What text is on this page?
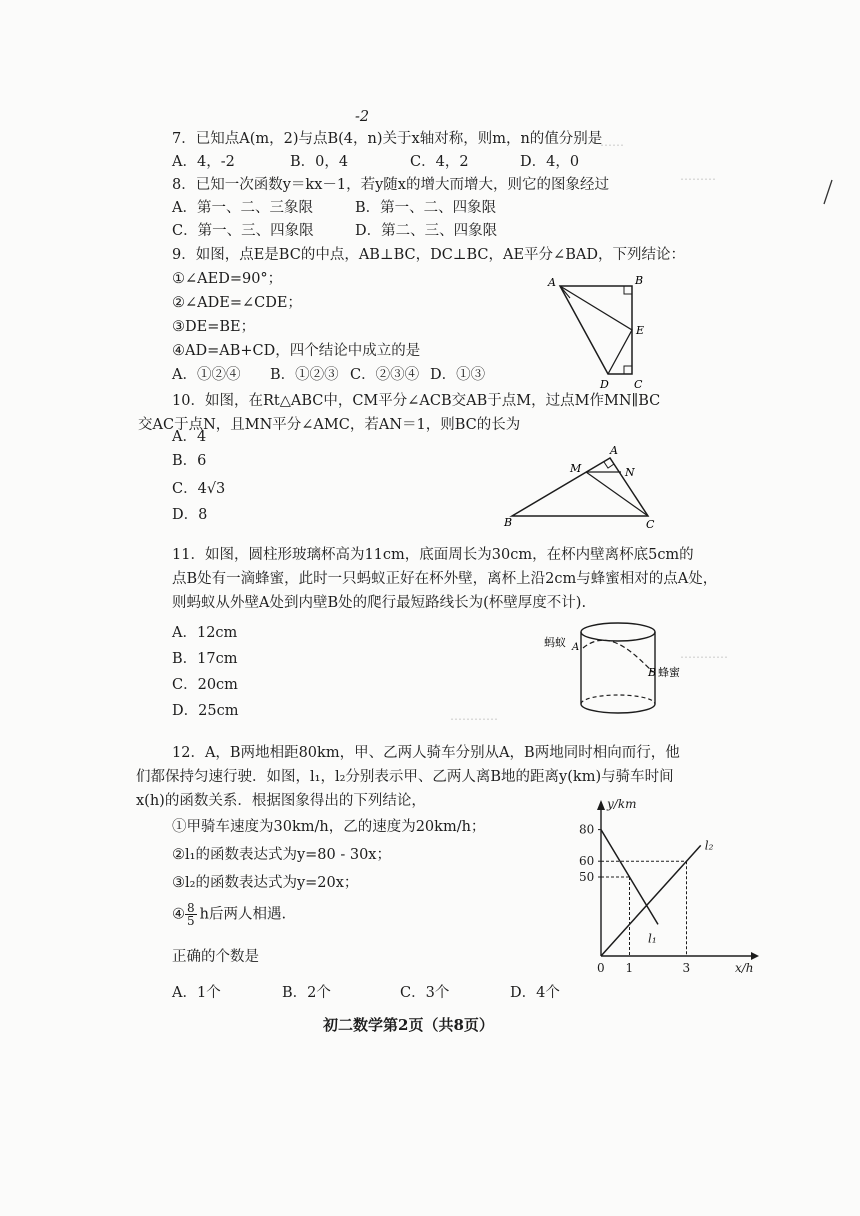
⋯⋯
⋯⋯⋯
⋯⋯⋯⋯
⋯⋯⋯⋯
-2
7．已知点A(m，2)与点B(4，n)关于x轴对称，则m，n的值分别是
A．4，-2	B．0，4	C．4，2	D．4，0
8．已知一次函数y＝kx－1，若y随x的增大而增大，则它的图象经过
A．第一、二、三象限	B．第一、二、四象限
C．第一、三、四象限	D．第二、三、四象限
9．如图，点E是BC的中点，AB⊥BC，DC⊥BC，AE平分∠BAD，下列结论：
①∠AED=90°；
②∠ADE=∠CDE；
③DE=BE；
④AD=AB+CD，四个结论中成立的是
A．①②④ B．①②③ C．②③④ D．①③
A	B
E
D C
10．如图，在Rt△ABC中，CM平分∠ACB交AB于点M，过点M作MN∥BC
交AC于点N，且MN平分∠AMC，若AN＝1，则BC的长为
A．4
B．6
C．4√3
D．8
A
M	N
B	C
11．如图，圆柱形玻璃杯高为11cm，底面周长为30cm，在杯内壁离杯底5cm的
点B处有一滴蜂蜜，此时一只蚂蚁正好在杯外壁，离杯上沿2cm与蜂蜜相对的点A处，
则蚂蚁从外壁A处到内壁B处的爬行最短路线长为(杯壁厚度不计).
A．12cm
B．17cm
C．20cm
D．25cm
蚂蚁 A
B 蜂蜜
12．A，B两地相距80km，甲、乙两人骑车分别从A，B两地同时相向而行，他
们都保持匀速行驶．如图，l₁，l₂分别表示甲、乙两人离B地的距离y(km)与骑车时间
x(h)的函数关系．根据图象得出的下列结论，
①甲骑车速度为30km/h，乙的速度为20km/h；
②l₁的函数表达式为y=80 - 30x；
③l₂的函数表达式为y=20x；
④ $\frac{8}{5}$ h后两人相遇.
正确的个数是
A．1个	B．2个	C．3个	D．4个
y/km
x/h
50
60
80
0 1	3
l₁
l₂
初二数学第2页（共8页）
